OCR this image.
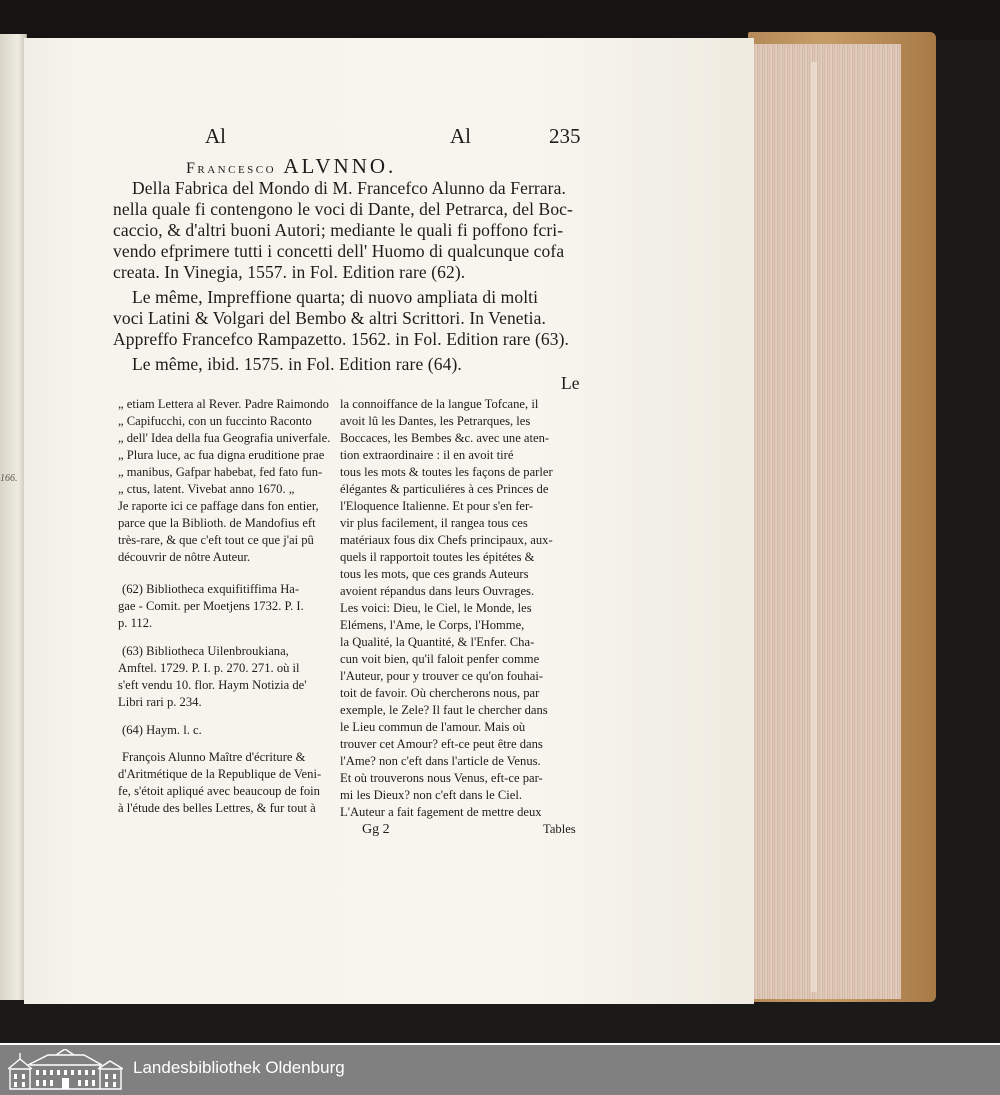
166.
Al	Al	235
Francesco ALVNNO.
Della Fabrica del Mondo di M. Francefco Alunno da Ferrara.
nella quale fi contengono le voci di Dante, del Petrarca, del Boc-
caccio, & d'altri buoni Autori; mediante le quali fi poffono fcri-
vendo efprimere tutti i concetti dell' Huomo di qualcunque cofa
creata. In Vinegia, 1557. in Fol. Edition rare (62).
Le même, Impreffione quarta; di nuovo ampliata di molti
voci Latini & Volgari del Bembo & altri Scrittori. In Venetia.
Appreffo Francefco Rampazetto. 1562. in Fol. Edition rare (63).
Le même, ibid. 1575. in Fol. Edition rare (64).
Le
„ etiam Lettera al Rever. Padre Raimondo
„ Capifucchi, con un fuccinto Raconto
„ dell' Idea della fua Geografia univerfale.
„ Plura luce, ac fua digna eruditione prae
„ manibus, Gafpar habebat, fed fato fun-
„ ctus, latent. Vivebat anno 1670. „
Je raporte ici ce paffage dans fon entier,
parce que la Biblioth. de Mandofius eft
très-rare, & que c'eft tout ce que j'ai pû
découvrir de nôtre Auteur.
(62) Bibliotheca exquifitiffima Ha-
gae - Comit. per Moetjens 1732. P. I.
p. 112.
(63) Bibliotheca Uilenbroukiana,
Amftel. 1729. P. I. p. 270. 271. où il
s'eft vendu 10. flor. Haym Notizia de'
Libri rari p. 234.
(64) Haym. l. c.
François Alunno Maître d'écriture &
d'Aritmétique de la Republique de Veni-
fe, s'étoit apliqué avec beaucoup de foin
à l'étude des belles Lettres, & fur tout à
la connoiffance de la langue Tofcane, il
avoit lû les Dantes, les Petrarques, les
Boccaces, les Bembes &c. avec une aten-
tion extraordinaire : il en avoit tiré
tous les mots & toutes les façons de parler
élégantes & particuliéres à ces Princes de
l'Eloquence Italienne. Et pour s'en fer-
vir plus facilement, il rangea tous ces
matériaux fous dix Chefs principaux, aux-
quels il rapportoit toutes les épitétes &
tous les mots, que ces grands Auteurs
avoient répandus dans leurs Ouvrages.
Les voici: Dieu, le Ciel, le Monde, les
Elémens, l'Ame, le Corps, l'Homme,
la Qualité, la Quantité, & l'Enfer. Cha-
cun voit bien, qu'il faloit penfer comme
l'Auteur, pour y trouver ce qu'on fouhai-
toit de favoir. Où chercherons nous, par
exemple, le Zele? Il faut le chercher dans
le Lieu commun de l'amour. Mais où
trouver cet Amour? eft-ce peut être dans
l'Ame? non c'eft dans l'article de Venus.
Et où trouverons nous Venus, eft-ce par-
mi les Dieux? non c'eft dans le Ciel.
L'Auteur a fait fagement de mettre deux
Gg 2	Tables
Landesbibliothek Oldenburg
